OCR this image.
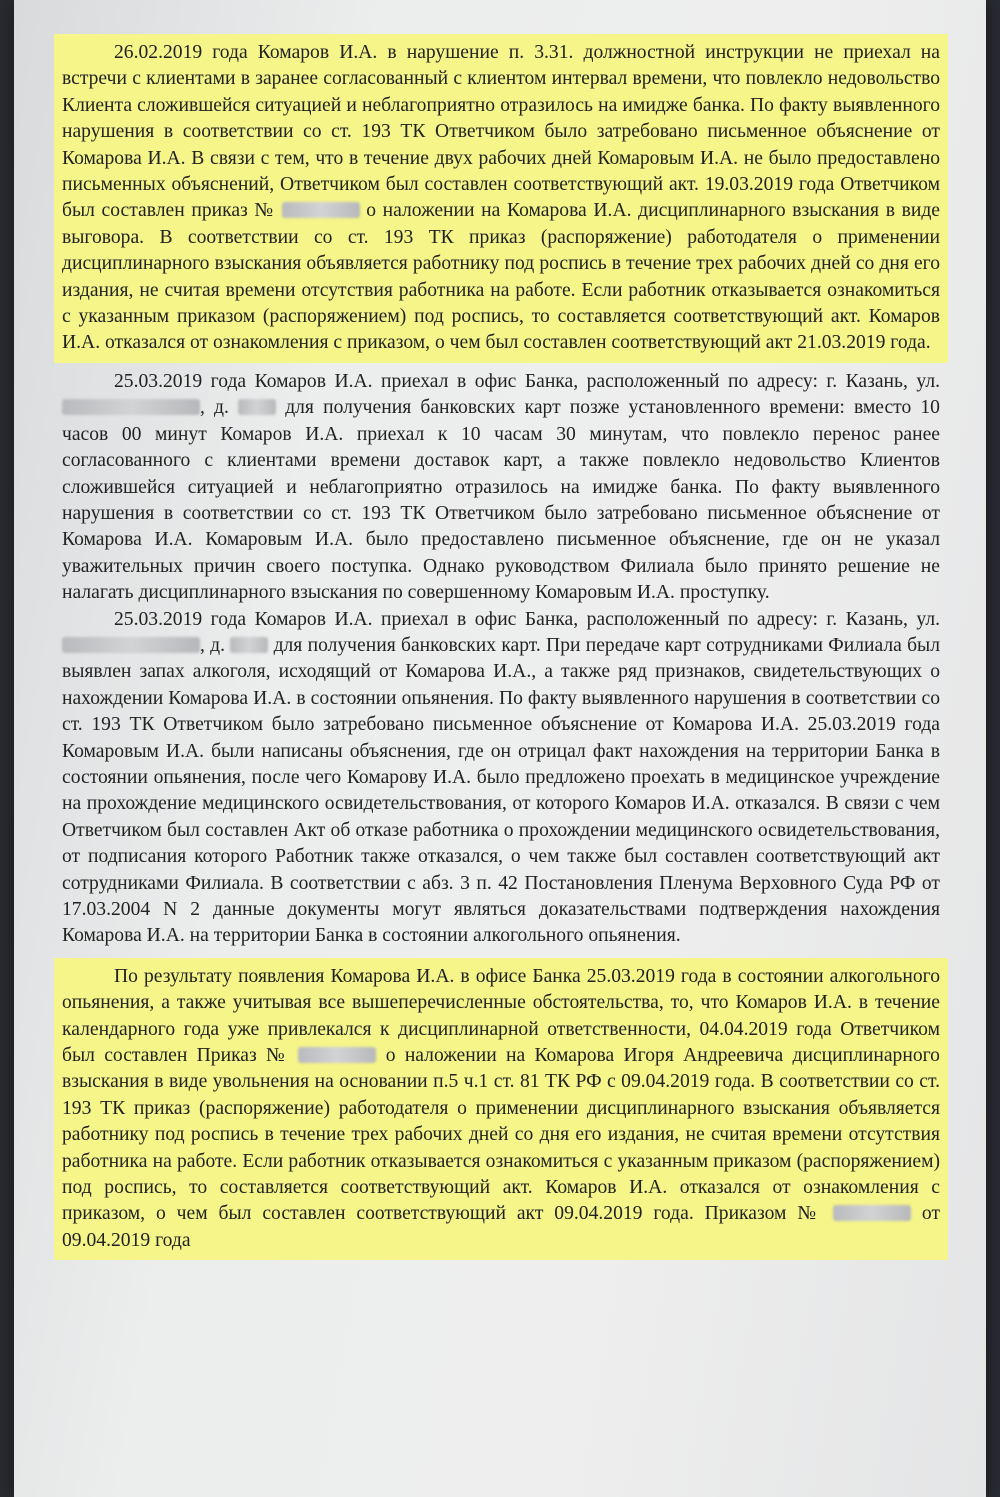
26.02.2019 года Комаров И.А. в нарушение п. 3.31. должностной инструкции не приехал на встречи с клиентами в заранее согласованный с клиентом интервал времени, что повлекло недовольство Клиента сложившейся ситуацией и неблагоприятно отразилось на имидже банка. По факту выявленного нарушения в соответствии со ст. 193 ТК Ответчиком было затребовано письменное объяснение от Комарова И.А. В связи с тем, что в течение двух рабочих дней Комаровым И.А. не было предоставлено письменных объяснений, Ответчиком был составлен соответствующий акт. 19.03.2019 года Ответчиком был составлен приказ №	о наложении на Комарова И.А. дисциплинарного взыскания в виде выговора. В соответствии со ст. 193 ТК приказ (распоряжение) работодателя о применении дисциплинарного взыскания объявляется работнику под роспись в течение трех рабочих дней со дня его издания, не считая времени отсутствия работника на работе. Если работник отказывается ознакомиться с указанным приказом (распоряжением) под роспись, то составляется соответствующий акт. Комаров И.А. отказался от ознакомления с приказом, о чем был составлен соответствующий акт 21.03.2019 года.

25.03.2019 года Комаров И.А. приехал в офис Банка, расположенный по адресу: г. Казань, ул. , д.	для получения банковских карт позже установленного времени: вместо 10 часов 00 минут Комаров И.А. приехал к 10 часам 30 минутам, что повлекло перенос ранее согласованного с клиентами времени доставок карт, а также повлекло недовольство Клиентов сложившейся ситуацией и неблагоприятно отразилось на имидже банка. По факту выявленного нарушения в соответствии со ст. 193 ТК Ответчиком было затребовано письменное объяснение от Комарова И.А. Комаровым И.А. было предоставлено письменное объяснение, где он не указал уважительных причин своего поступка. Однако руководством Филиала было принято решение не налагать дисциплинарного взыскания по совершенному Комаровым И.А. проступку.

25.03.2019 года Комаров И.А. приехал в офис Банка, расположенный по адресу: г. Казань, ул. , д. для получения банковских карт. При передаче карт сотрудниками Филиала был выявлен запах алкоголя, исходящий от Комарова И.А., а также ряд признаков, свидетельствующих о нахождении Комарова И.А. в состоянии опьянения. По факту выявленного нарушения в соответствии со ст. 193 ТК Ответчиком было затребовано письменное объяснение от Комарова И.А. 25.03.2019 года Комаровым И.А. были написаны объяснения, где он отрицал факт нахождения на территории Банка в состоянии опьянения, после чего Комарову И.А. было предложено проехать в медицинское учреждение на прохождение медицинского освидетельствования, от которого Комаров И.А. отказался. В связи с чем Ответчиком был составлен Акт об отказе работника о прохождении медицинского освидетельствования, от подписания которого Работник также отказался, о чем также был составлен соответствующий акт сотрудниками Филиала. В соответствии с абз. 3 п. 42 Постановления Пленума Верховного Суда РФ от 17.03.2004 N 2 данные документы могут являться доказательствами подтверждения нахождения Комарова И.А. на территории Банка в состоянии алкогольного опьянения.

По результату появления Комарова И.А. в офисе Банка 25.03.2019 года в состоянии алкогольного опьянения, а также учитывая все вышеперечисленные обстоятельства, то, что Комаров И.А. в течение календарного года уже привлекался к дисциплинарной ответственности, 04.04.2019 года Ответчиком был составлен Приказ №	о наложении на Комарова Игоря Андреевича дисциплинарного взыскания в виде увольнения на основании п.5 ч.1 ст. 81 ТК РФ с 09.04.2019 года. В соответствии со ст. 193 ТК приказ (распоряжение) работодателя о применении дисциплинарного взыскания объявляется работнику под роспись в течение трех рабочих дней со дня его издания, не считая времени отсутствия работника на работе. Если работник отказывается ознакомиться с указанным приказом (распоряжением) под роспись, то составляется соответствующий акт. Комаров И.А. отказался от ознакомления с приказом, о чем был составлен соответствующий акт 09.04.2019 года. Приказом №	от 09.04.2019 года
